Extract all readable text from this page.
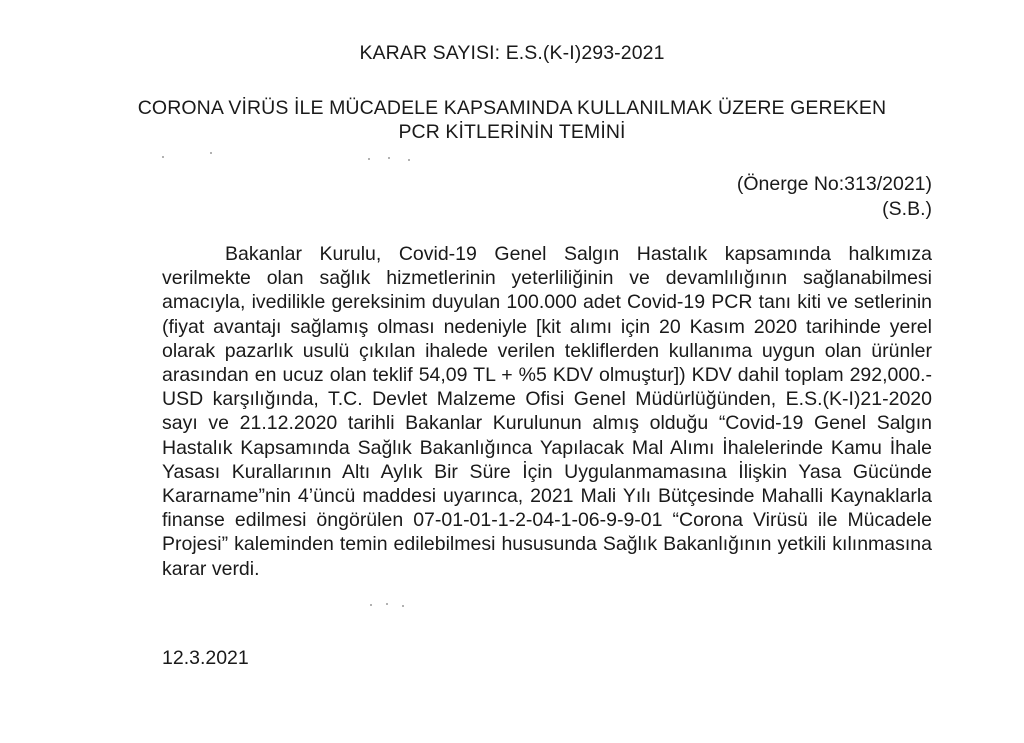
KARAR SAYISI: E.S.(K-I)293-2021
CORONA VİRÜS İLE MÜCADELE KAPSAMINDA KULLANILMAK ÜZERE GEREKEN
PCR KİTLERİNİN TEMİNİ
(Önerge No:313/2021)
(S.B.)

Bakanlar Kurulu, Covid-19 Genel Salgın Hastalık kapsamında halkımıza verilmekte olan sağlık hizmetlerinin yeterliliğinin ve devamlılığının sağlanabilmesi amacıyla, ivedilikle gereksinim duyulan 100.000 adet Covid-19 PCR tanı kiti ve setlerinin (fiyat avantajı sağlamış olması nedeniyle [kit alımı için 20 Kasım 2020 tarihinde yerel olarak pazarlık usulü çıkılan ihalede verilen tekliflerden kullanıma uygun olan ürünler arasından en ucuz olan teklif 54,09 TL + %5 KDV olmuştur]) KDV dahil toplam 292,000.-USD karşılığında, T.C. Devlet Malzeme Ofisi Genel Müdürlüğünden, E.S.(K-I)21-2020 sayı ve 21.12.2020 tarihli Bakanlar Kurulunun almış olduğu “Covid-19 Genel Salgın Hastalık Kapsamında Sağlık Bakanlığınca Yapılacak Mal Alımı İhalelerinde Kamu İhale Yasası Kurallarının Altı Aylık Bir Süre İçin Uygulanmamasına İlişkin Yasa Gücünde Kararname”nin 4’üncü maddesi uyarınca, 2021 Mali Yılı Bütçesinde Mahalli Kaynaklarla finanse edilmesi öngörülen 07-01-01-1-2-04-1-06-9-9-01 “Corona Virüsü ile Mücadele Projesi” kaleminden temin edilebilmesi hususunda Sağlık Bakanlığının yetkili kılınmasına karar verdi.

12.3.2021
